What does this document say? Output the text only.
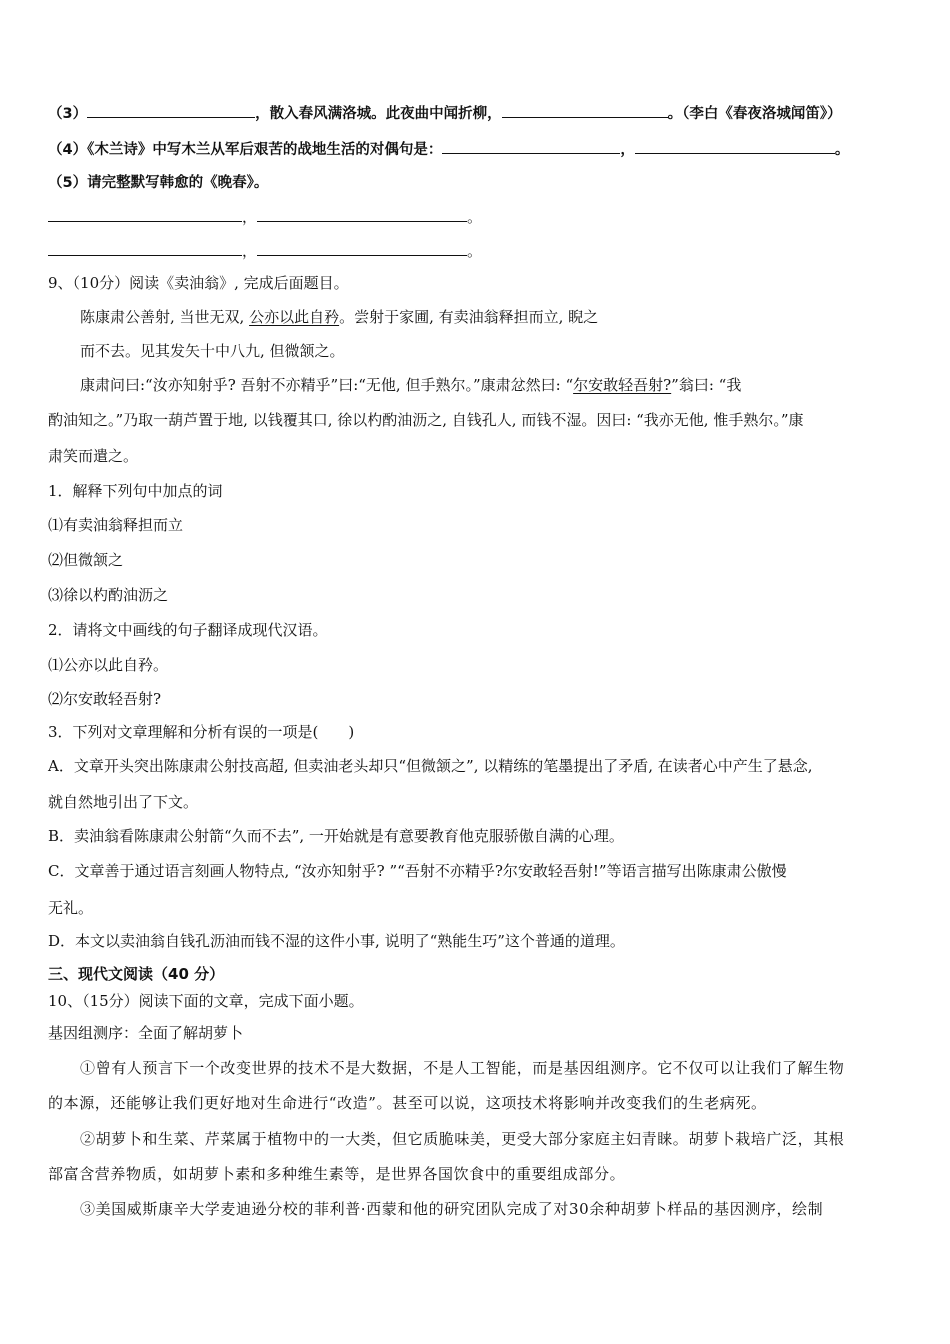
（3）	，散入春风满洛城。此夜曲中闻折柳，	。（李白《春夜洛城闻笛》）
（4）《木兰诗》中写木兰从军后艰苦的战地生活的对偶句是：	，	。
（5）请完整默写韩愈的《晚春》。
，	。
，	。
9、（10分）阅读《卖油翁》, 完成后面题目。
陈康肃公善射, 当世无双, 公亦以此自矜。尝射于家圃, 有卖油翁释担而立, 睨之
而不去。见其发矢十中八九, 但微颔之。
康肃问曰:“汝亦知射乎? 吾射不亦精乎”曰:“无他, 但手熟尔。”康肃忿然曰: “尔安敢轻吾射?”翁曰: “我
酌油知之。”乃取一葫芦置于地, 以钱覆其口, 徐以杓酌油沥之, 自钱孔人, 而钱不湿。因曰: “我亦无他, 惟手熟尔。”康
肃笑而遣之。
1．解释下列句中加点的词
⑴有卖油翁释担而立
⑵但微颔之
⑶徐以杓酌油沥之
2．请将文中画线的句子翻译成现代汉语。
⑴公亦以此自矜。
⑵尔安敢轻吾射?
3．下列对文章理解和分析有误的一项是(　　)
A．文章开头突出陈康肃公射技高超, 但卖油老头却只“但微颔之”, 以精练的笔墨提出了矛盾, 在读者心中产生了悬念,
就自然地引出了下文。
B．卖油翁看陈康肃公射箭“久而不去”, 一开始就是有意要教育他克服骄傲自满的心理。
C．文章善于通过语言刻画人物特点, “汝亦知射乎? ”“吾射不亦精乎?尔安敢轻吾射!”等语言描写出陈康肃公傲慢
无礼。
D．本文以卖油翁自钱孔沥油而钱不湿的这件小事, 说明了“熟能生巧”这个普通的道理。
三、现代文阅读（40 分）
10、（15分）阅读下面的文章，完成下面小题。
基因组测序：全面了解胡萝卜
①曾有人预言下一个改变世界的技术不是大数据，不是人工智能，而是基因组测序。它不仅可以让我们了解生物
的本源，还能够让我们更好地对生命进行“改造”。甚至可以说，这项技术将影响并改变我们的生老病死。
②胡萝卜和生菜、芹菜属于植物中的一大类，但它质脆味美，更受大部分家庭主妇青睐。胡萝卜栽培广泛，其根
部富含营养物质，如胡萝卜素和多种维生素等，是世界各国饮食中的重要组成部分。
③美国威斯康辛大学麦迪逊分校的菲利普·西蒙和他的研究团队完成了对30余种胡萝卜样品的基因测序，绘制
